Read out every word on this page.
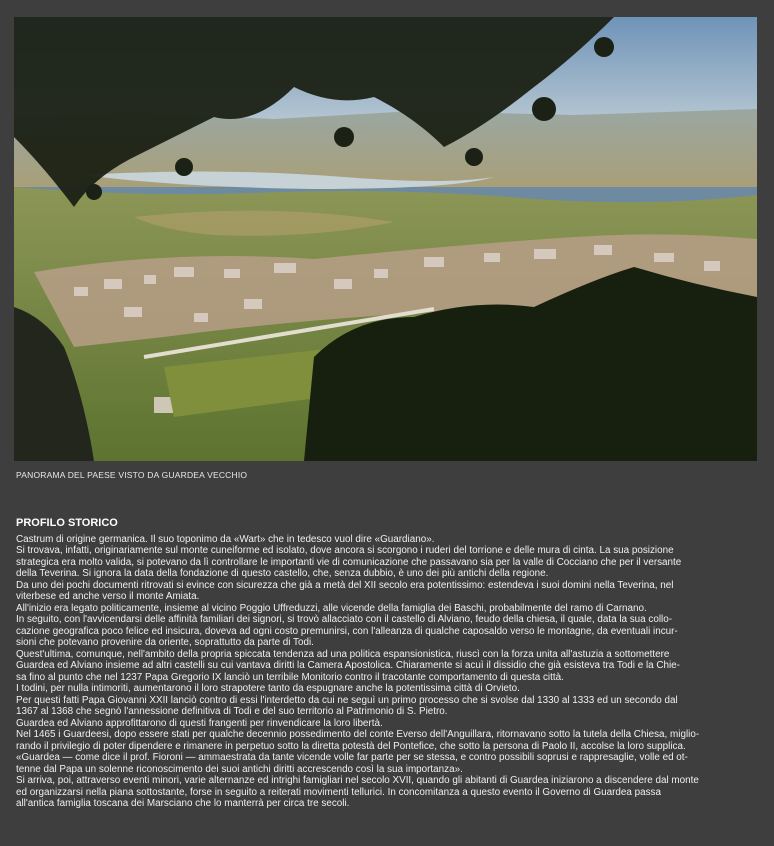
PANORAMA DEL PAESE VISTO DA GUARDEA VECCHIO
PROFILO STORICO
Castrum di origine germanica. Il suo toponimo da «Wart» che in tedesco vuol dire «Guardiano».
Si trovava, infatti, originariamente sul monte cuneiforme ed isolato, dove ancora si scorgono i ruderi del torrione e delle mura di cinta. La sua posizione
strategica era molto valida, si potevano da lì controllare le importanti vie di comunicazione che passavano sia per la valle di Cocciano che per il versante
della Teverina. Si ignora la data della fondazione di questo castello, che, senza dubbio, è uno dei più antichi della regione.
Da uno dei pochi documenti ritrovati si evince con sicurezza che già a metà del XII secolo era potentissimo: estendeva i suoi domini nella Teverina, nel
viterbese ed anche verso il monte Amiata.
All'inizio era legato politicamente, insieme al vicino Poggio Uffreduzzi, alle vicende della famiglia dei Baschi, probabilmente del ramo di Carnano.
In seguito, con l'avvicendarsi delle affinità familiari dei signori, si trovò allacciato con il castello di Alviano, feudo della chiesa, il quale, data la sua collo-
cazione geografica poco felice ed insicura, doveva ad ogni costo premunirsi, con l'alleanza di qualche caposaldo verso le montagne, da eventuali incur-
sioni che potevano provenire da oriente, soprattutto da parte di Todi.
Quest'ultima, comunque, nell'ambito della propria spiccata tendenza ad una politica espansionistica, riuscì con la forza unita all'astuzia a sottomettere
Guardea ed Alviano insieme ad altri castelli su cui vantava diritti la Camera Apostolica. Chiaramente si acuì il dissidio che già esisteva tra Todi e la Chie-
sa fino al punto che nel 1237 Papa Gregorio IX lanciò un terribile Monitorio contro il tracotante comportamento di questa città.
I todini, per nulla intimoriti, aumentarono il loro strapotere tanto da espugnare anche la potentissima città di Orvieto.
Per questi fatti Papa Giovanni XXII lanciò contro di essi l'interdetto da cui ne seguì un primo processo che si svolse dal 1330 al 1333 ed un secondo dal
1367 al 1368 che segnò l'annessione definitiva di Todi e del suo territorio al Patrimonio di S. Pietro.
Guardea ed Alviano approfittarono di questi frangenti per rinvendicare la loro libertà.
Nel 1465 i Guardeesi, dopo essere stati per qualche decennio possedimento del conte Everso dell'Anguillara, ritornavano sotto la tutela della Chiesa, miglio-
rando il privilegio di poter dipendere e rimanere in perpetuo sotto la diretta potestà del Pontefice, che sotto la persona di Paolo II, accolse la loro supplica.
«Guardea — come dice il prof. Fioroni — ammaestrata da tante vicende volle far parte per se stessa, e contro possibili soprusi e rappresaglie, volle ed ot-
tenne dal Papa un solenne riconoscimento dei suoi antichi diritti accrescendo così la sua importanza».
Si arriva, poi, attraverso eventi minori, varie alternanze ed intrighi famigliari nel secolo XVII, quando gli abitanti di Guardea iniziarono a discendere dal monte
ed organizzarsi nella piana sottostante, forse in seguito a reiterati movimenti tellurici. In concomitanza a questo evento il Governo di Guardea passa
all'antica famiglia toscana dei Marsciano che lo manterrà per circa tre secoli.
